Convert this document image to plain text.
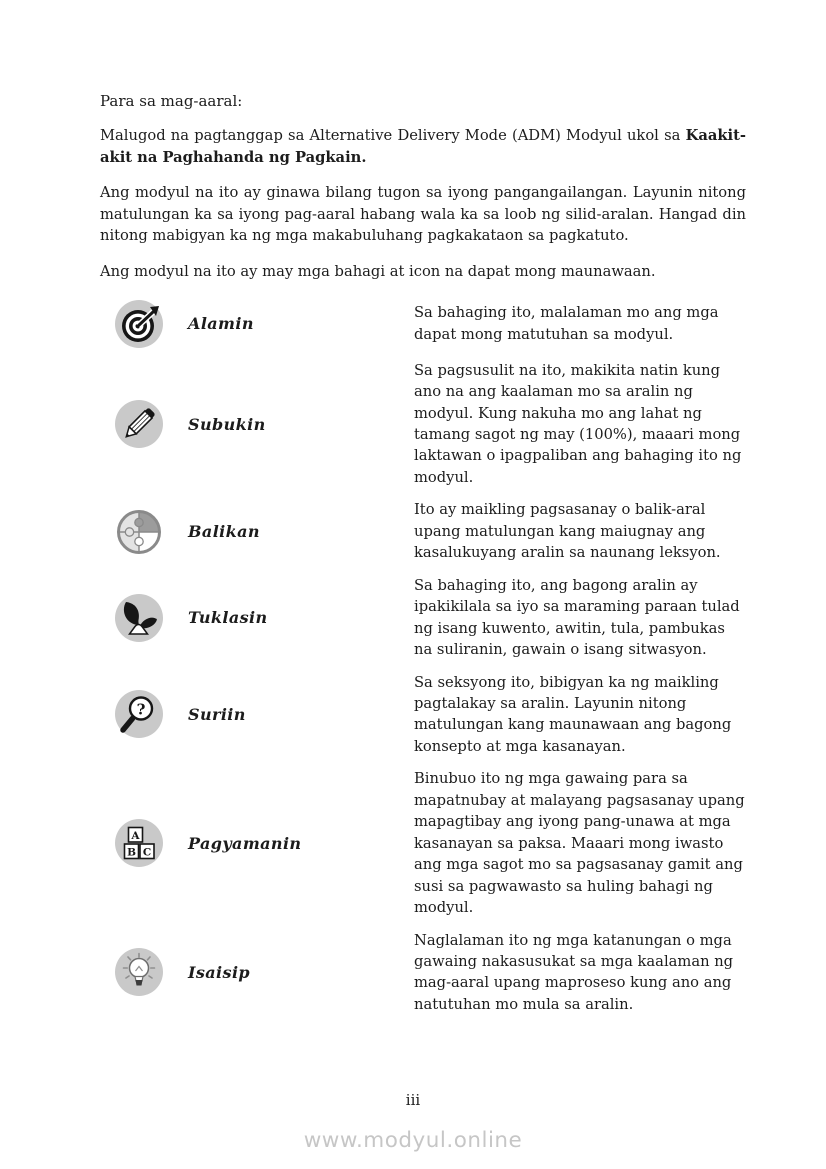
Para sa mag-aaral:

Malugod na pagtanggap sa Alternative Delivery Mode (ADM) Modyul ukol sa Kaakit-akit na Paghahanda ng Pagkain.

Ang modyul na ito ay ginawa bilang tugon sa iyong pangangailangan. Layunin nitong matulungan ka sa iyong pag-aaral habang wala ka sa loob ng silid-aralan. Hangad din nitong mabigyan ka ng mga makabuluhang pagkakataon sa pagkatuto.

Ang modyul na ito ay may mga bahagi at icon na dapat mong maunawaan.

Alamin
Sa bahaging ito, malalaman mo ang mga dapat mong matutuhan sa modyul.
Subukin
Sa pagsusulit na ito, makikita natin kung ano na ang kaalaman mo sa aralin ng modyul. Kung nakuha mo ang lahat ng tamang sagot ng may (100%), maaari mong laktawan o ipagpaliban ang bahaging ito ng modyul.
Balikan
Ito ay maikling pagsasanay o balik-aral upang matulungan kang maiugnay ang kasalukuyang aralin sa naunang leksyon.
Tuklasin
Sa bahaging ito, ang bagong aralin ay ipakikilala sa iyo sa maraming paraan tulad ng isang kuwento, awitin, tula, pambukas na suliranin, gawain o isang sitwasyon.
?	Suriin
Sa seksyong ito, bibigyan ka ng maikling pagtalakay sa aralin. Layunin nitong matulungan kang maunawaan ang bagong konsepto at mga kasanayan.
A
B C Pagyamanin
Binubuo ito ng mga gawaing para sa mapatnubay at malayang pagsasanay upang mapagtibay ang iyong pang-unawa at mga kasanayan sa paksa. Maaari mong iwasto ang mga sagot mo sa pagsasanay gamit ang susi sa pagwawasto sa huling bahagi ng modyul.
Isaisip
Naglalaman ito ng mga katanungan o mga gawaing nakasusukat sa mga kaalaman ng mag-aaral upang maproseso kung ano ang natutuhan mo mula sa aralin.
iii
www.modyul.online
